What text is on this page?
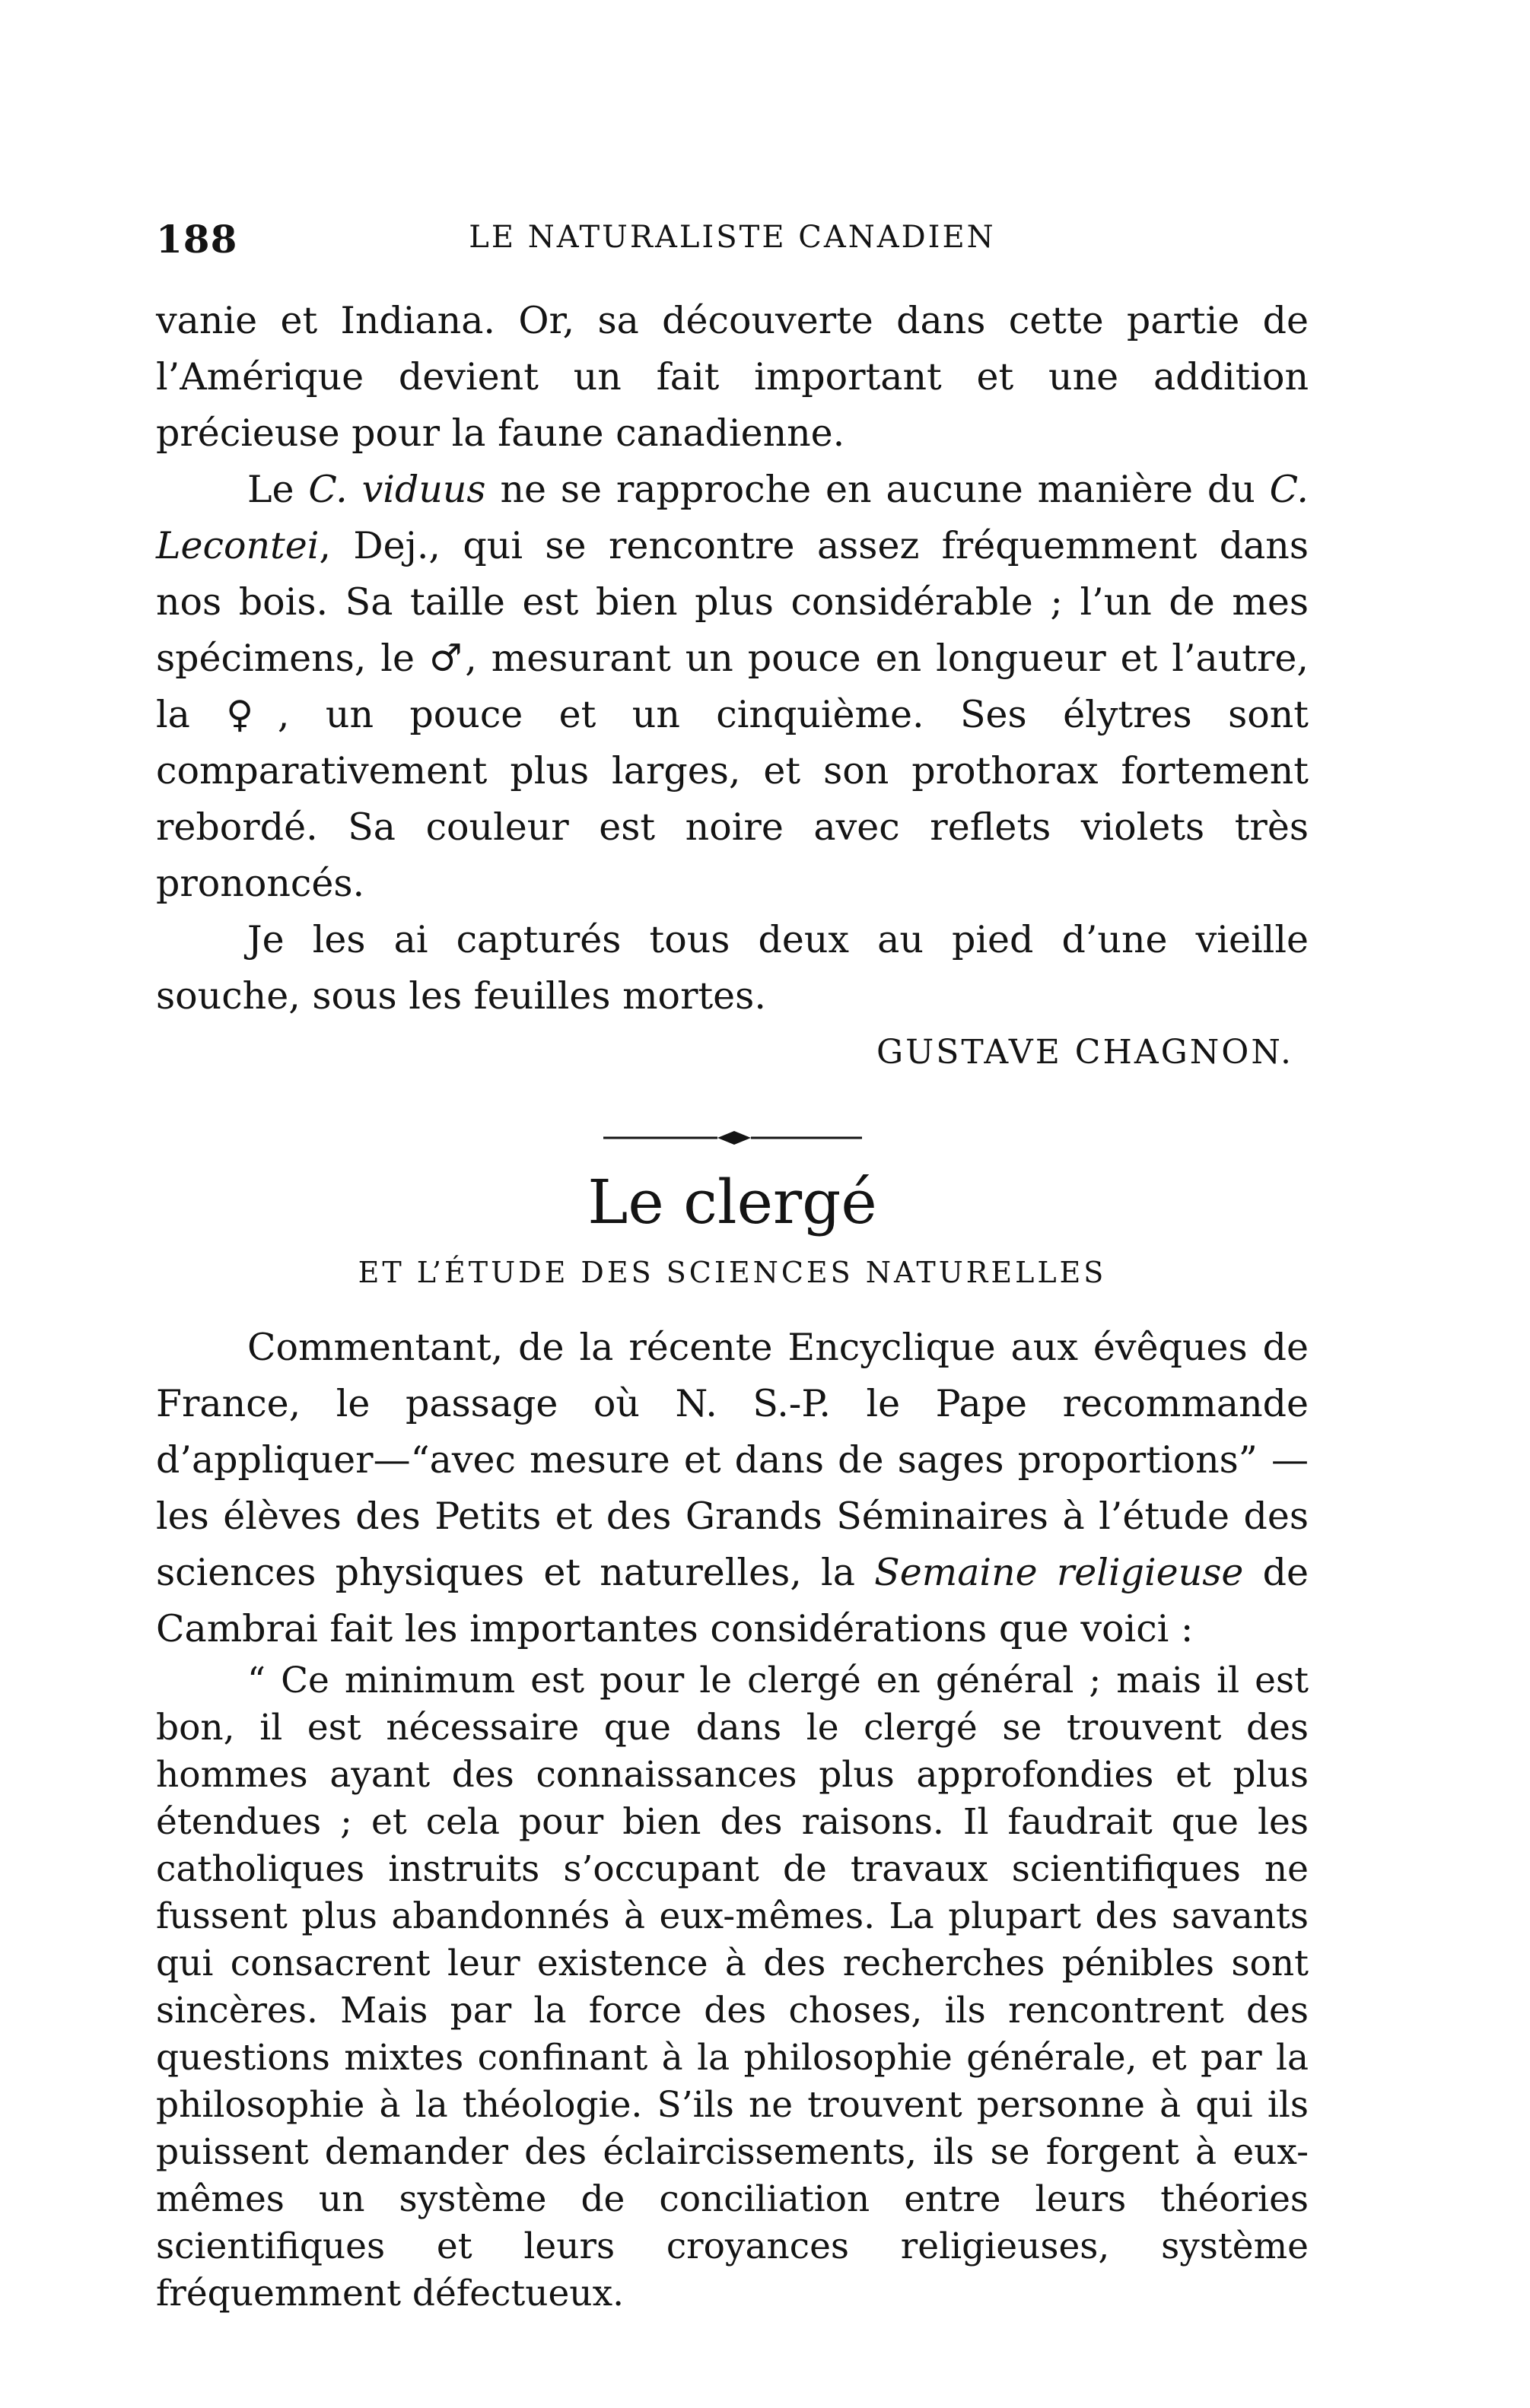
188	LE NATURALISTE CANADIEN

vanie et Indiana. Or, sa découverte dans cette partie de l’Amérique devient un fait important et une addition précieuse pour la faune canadienne.

Le C. viduus ne se rapproche en aucune manière du C. Lecontei, Dej., qui se rencontre assez fréquemment dans nos bois. Sa taille est bien plus considérable ; l’un de mes spécimens, le ♂, mesurant un pouce en longueur et l’autre, la ♀, un pouce et un cinquième. Ses élytres sont comparativement plus larges, et son prothorax fortement rebordé. Sa couleur est noire avec reflets violets très prononcés.

Je les ai capturés tous deux au pied d’une vieille souche, sous les feuilles mortes.

GUSTAVE CHAGNON.

Le clergé
ET L’ÉTUDE DES SCIENCES NATURELLES

Commentant, de la récente Encyclique aux évêques de France, le passage où N. S.-P. le Pape recommande d’appliquer—“avec mesure et dans de sages proportions” —les élèves des Petits et des Grands Séminaires à l’étude des sciences physiques et naturelles, la Semaine religieuse de Cambrai fait les importantes considérations que voici :

“ Ce minimum est pour le clergé en général ; mais il est bon, il est nécessaire que dans le clergé se trouvent des hommes ayant des connaissances plus approfondies et plus étendues ; et cela pour bien des raisons. Il faudrait que les catholiques instruits s’occupant de travaux scientifiques ne fussent plus abandonnés à eux-mêmes. La plupart des savants qui consacrent leur existence à des recherches pénibles sont sincères. Mais par la force des choses, ils rencontrent des questions mixtes confinant à la philosophie générale, et par la philosophie à la théologie. S’ils ne trouvent personne à qui ils puissent demander des éclaircissements, ils se forgent à eux-mêmes un système de conciliation entre leurs théories scientifiques et leurs croyances religieuses, système fréquemment défectueux.
